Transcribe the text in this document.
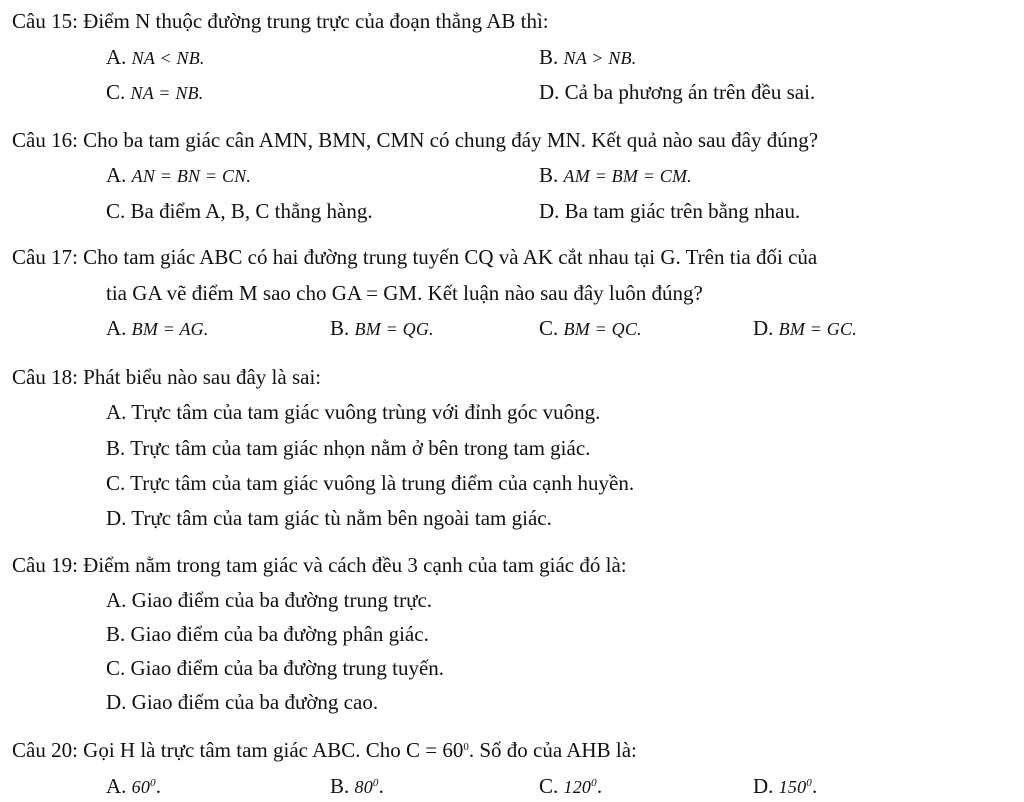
Câu 15: Điểm N thuộc đường trung trực của đoạn thẳng AB thì:
A. NA < NB.	B. NA > NB.
C. NA = NB.	D. Cả ba phương án trên đều sai.
Câu 16: Cho ba tam giác cân AMN, BMN, CMN có chung đáy MN. Kết quả nào sau đây đúng?
A. AN = BN = CN.	B. AM = BM = CM.
C. Ba điểm A, B, C thẳng hàng.	D. Ba tam giác trên bằng nhau.
Câu 17: Cho tam giác ABC có hai đường trung tuyến CQ và AK cắt nhau tại G. Trên tia đối của
tia GA vẽ điểm M sao cho GA = GM. Kết luận nào sau đây luôn đúng?
A. BM = AG.	B. BM = QG.	C. BM = QC.	D. BM = GC.
Câu 18: Phát biểu nào sau đây là sai:
A. Trực tâm của tam giác vuông trùng với đỉnh góc vuông.
B. Trực tâm của tam giác nhọn nằm ở bên trong tam giác.
C. Trực tâm của tam giác vuông là trung điểm của cạnh huyền.
D. Trực tâm của tam giác tù nằm bên ngoài tam giác.
Câu 19: Điểm nằm trong tam giác và cách đều 3 cạnh của tam giác đó là:
A. Giao điểm của ba đường trung trực.
B. Giao điểm của ba đường phân giác.
C. Giao điểm của ba đường trung tuyến.
D. Giao điểm của ba đường cao.
Câu 20: Gọi H là trực tâm tam giác ABC. Cho $C = 60^0$. Số đo của AHB là:
A. $60^0$.	B. $80^0$.	C. $120^0$.	D. $150^0$.
